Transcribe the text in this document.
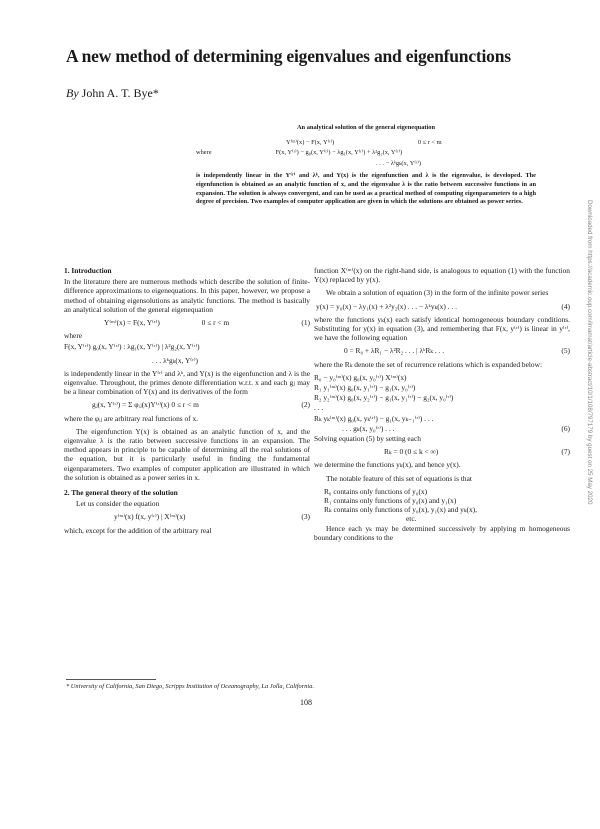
A new method of determining eigenvalues and eigenfunctions
By John A. T. Bye*
An analytical solution of the general eigenequation
Y⁽ᵐ⁾(x) − F(x, Y⁽ʳ⁾)	0 ≤ r < m
where	F(x, Y⁽ʳ⁾) − g₀(x, Y⁽ʳ⁾) − λg₁(x, Y⁽ʳ⁾) + λ²g₂(x, Y⁽ʳ⁾)
. . . − λᵏgₖ(x, Y⁽ʳ⁾)
is independently linear in the Y⁽ʳ⁾ and λᵏ, and Y(x) is the eigenfunction and λ is the eigenvalue, is developed. The eigenfunction is obtained as an analytic function of x, and the eigenvalue λ is the ratio between successive functions in an expansion. The solution is always convergent, and can be used as a practical method of computing eigenparameters to a high degree of precision. Two examples of computer application are given in which the solutions are obtained as power series.
1. Introduction

In the literature there are numerous methods which describe the solution of finite-difference approximations to eigenequations. In this paper, however, we propose a method of obtaining eigensolutions as analytic functions. The method is basically an analytical solution of the general eigenequation

Y⁽ᵐ⁾(x) = F(x, Y⁽ʳ⁾)	0 ≤ r < m	(1)
where
F(x, Y⁽ʳ⁾) g₀(x, Y⁽ʳ⁾) : λg₁(x, Y⁽ʳ⁾) | λ²g₂(x, Y⁽ʳ⁾)
. . . λᵏgₖ(x, Y⁽ʳ⁾)

is independently linear in the Y⁽ʳ⁾ and λᵏ, and Y(x) is the eigenfunction and λ is the eigenvalue. Throughout, the primes denote differentiation w.r.t. x and each gⱼ may be a linear combination of Y(x) and its derivatives of the form

gⱼ(x, Y⁽ʳ⁾) = Σ φᵢⱼ(x)Y⁽ʳ⁾(x) 0 ≤ r < m	(2)

where the φᵢⱼ are arbitrary real functions of x.

The eigenfunction Y(x) is obtained as an analytic function of x, and the eigenvalue λ is the ratio between successive functions in an expansion. The method appears in principle to be capable of determining all the real solutions of the equation, but it is particularly useful in finding the fundamental eigenparameters. Two examples of computer application are illustrated in which the solution is obtained as a power series in x.

2. The general theory of the solution

Let us consider the equation

y⁽ᵐ⁾(x) f(x, y⁽ʳ⁾) | X⁽ᵐ⁾(x)	(3)

which, except for the addition of the arbitrary real

function X⁽ᵐ⁾(x) on the right-hand side, is analogous to equation (1) with the function Y(x) replaced by y(x).

We obtain a solution of equation (3) in the form of the infinite power series

y(x) = y₀(x) − λy₁(x) + λ²y₂(x) . . . − λᵏyₖ(x) . . .	(4)

where the functions yₖ(x) each satisfy identical homogeneous boundary conditions. Substituting for y(x) in equation (3), and remembering that F(x, y⁽ʳ⁾) is linear in y⁽ʳ⁾, we have the following equation

0 = R₀ + λR₁ − λ²R₂ . . . | λᵏRₖ . . .	(5)

where the Rₖ denote the set of recurrence relations which is expanded below:

R₀ − y₀⁽ᵐ⁾(x) g₀(x, y₀⁽ʳ⁾) X⁽ᵐ⁾(x)
R₁ y₁⁽ᵐ⁾(x) g₀(x, y₁⁽ʳ⁾) − g₁(x, y₀⁽ʳ⁾)
R₂ y₂⁽ᵐ⁾(x) g₀(x, y₂⁽ʳ⁾) − g₁(x, y₁⁽ʳ⁾) − g₂(x, y₀⁽ʳ⁾)
. . .
Rₖ yₖ⁽ᵐ⁾(x) g₀(x, yₖ⁽ʳ⁾) − g₁(x, yₖ₋₁⁽ʳ⁾) . . .
. . . gₖ(x, y₀⁽ʳ⁾) . . .	(6)

Solving equation (5) by setting each

Rₖ = 0 (0 ≤ k < ∞)	(7)

we determine the functions yₖ(x), and hence y(x).

The notable feature of this set of equations is that

R₀ contains only functions of y₀(x)
R₁ contains only functions of y₀(x) and y₁(x)
Rₖ contains only functions of y₀(x), y₁(x) and yₖ(x),
etc.

Hence each yₖ may be determined successively by applying m homogeneous boundary conditions to the

* University of California, San Diego, Scripps Institution of Oceanography, La Jolla, California.
108
Downloaded from https://academic.oup.com/imamat/article-abstract/10/1/108/797179 by guest on 25 May 2020
